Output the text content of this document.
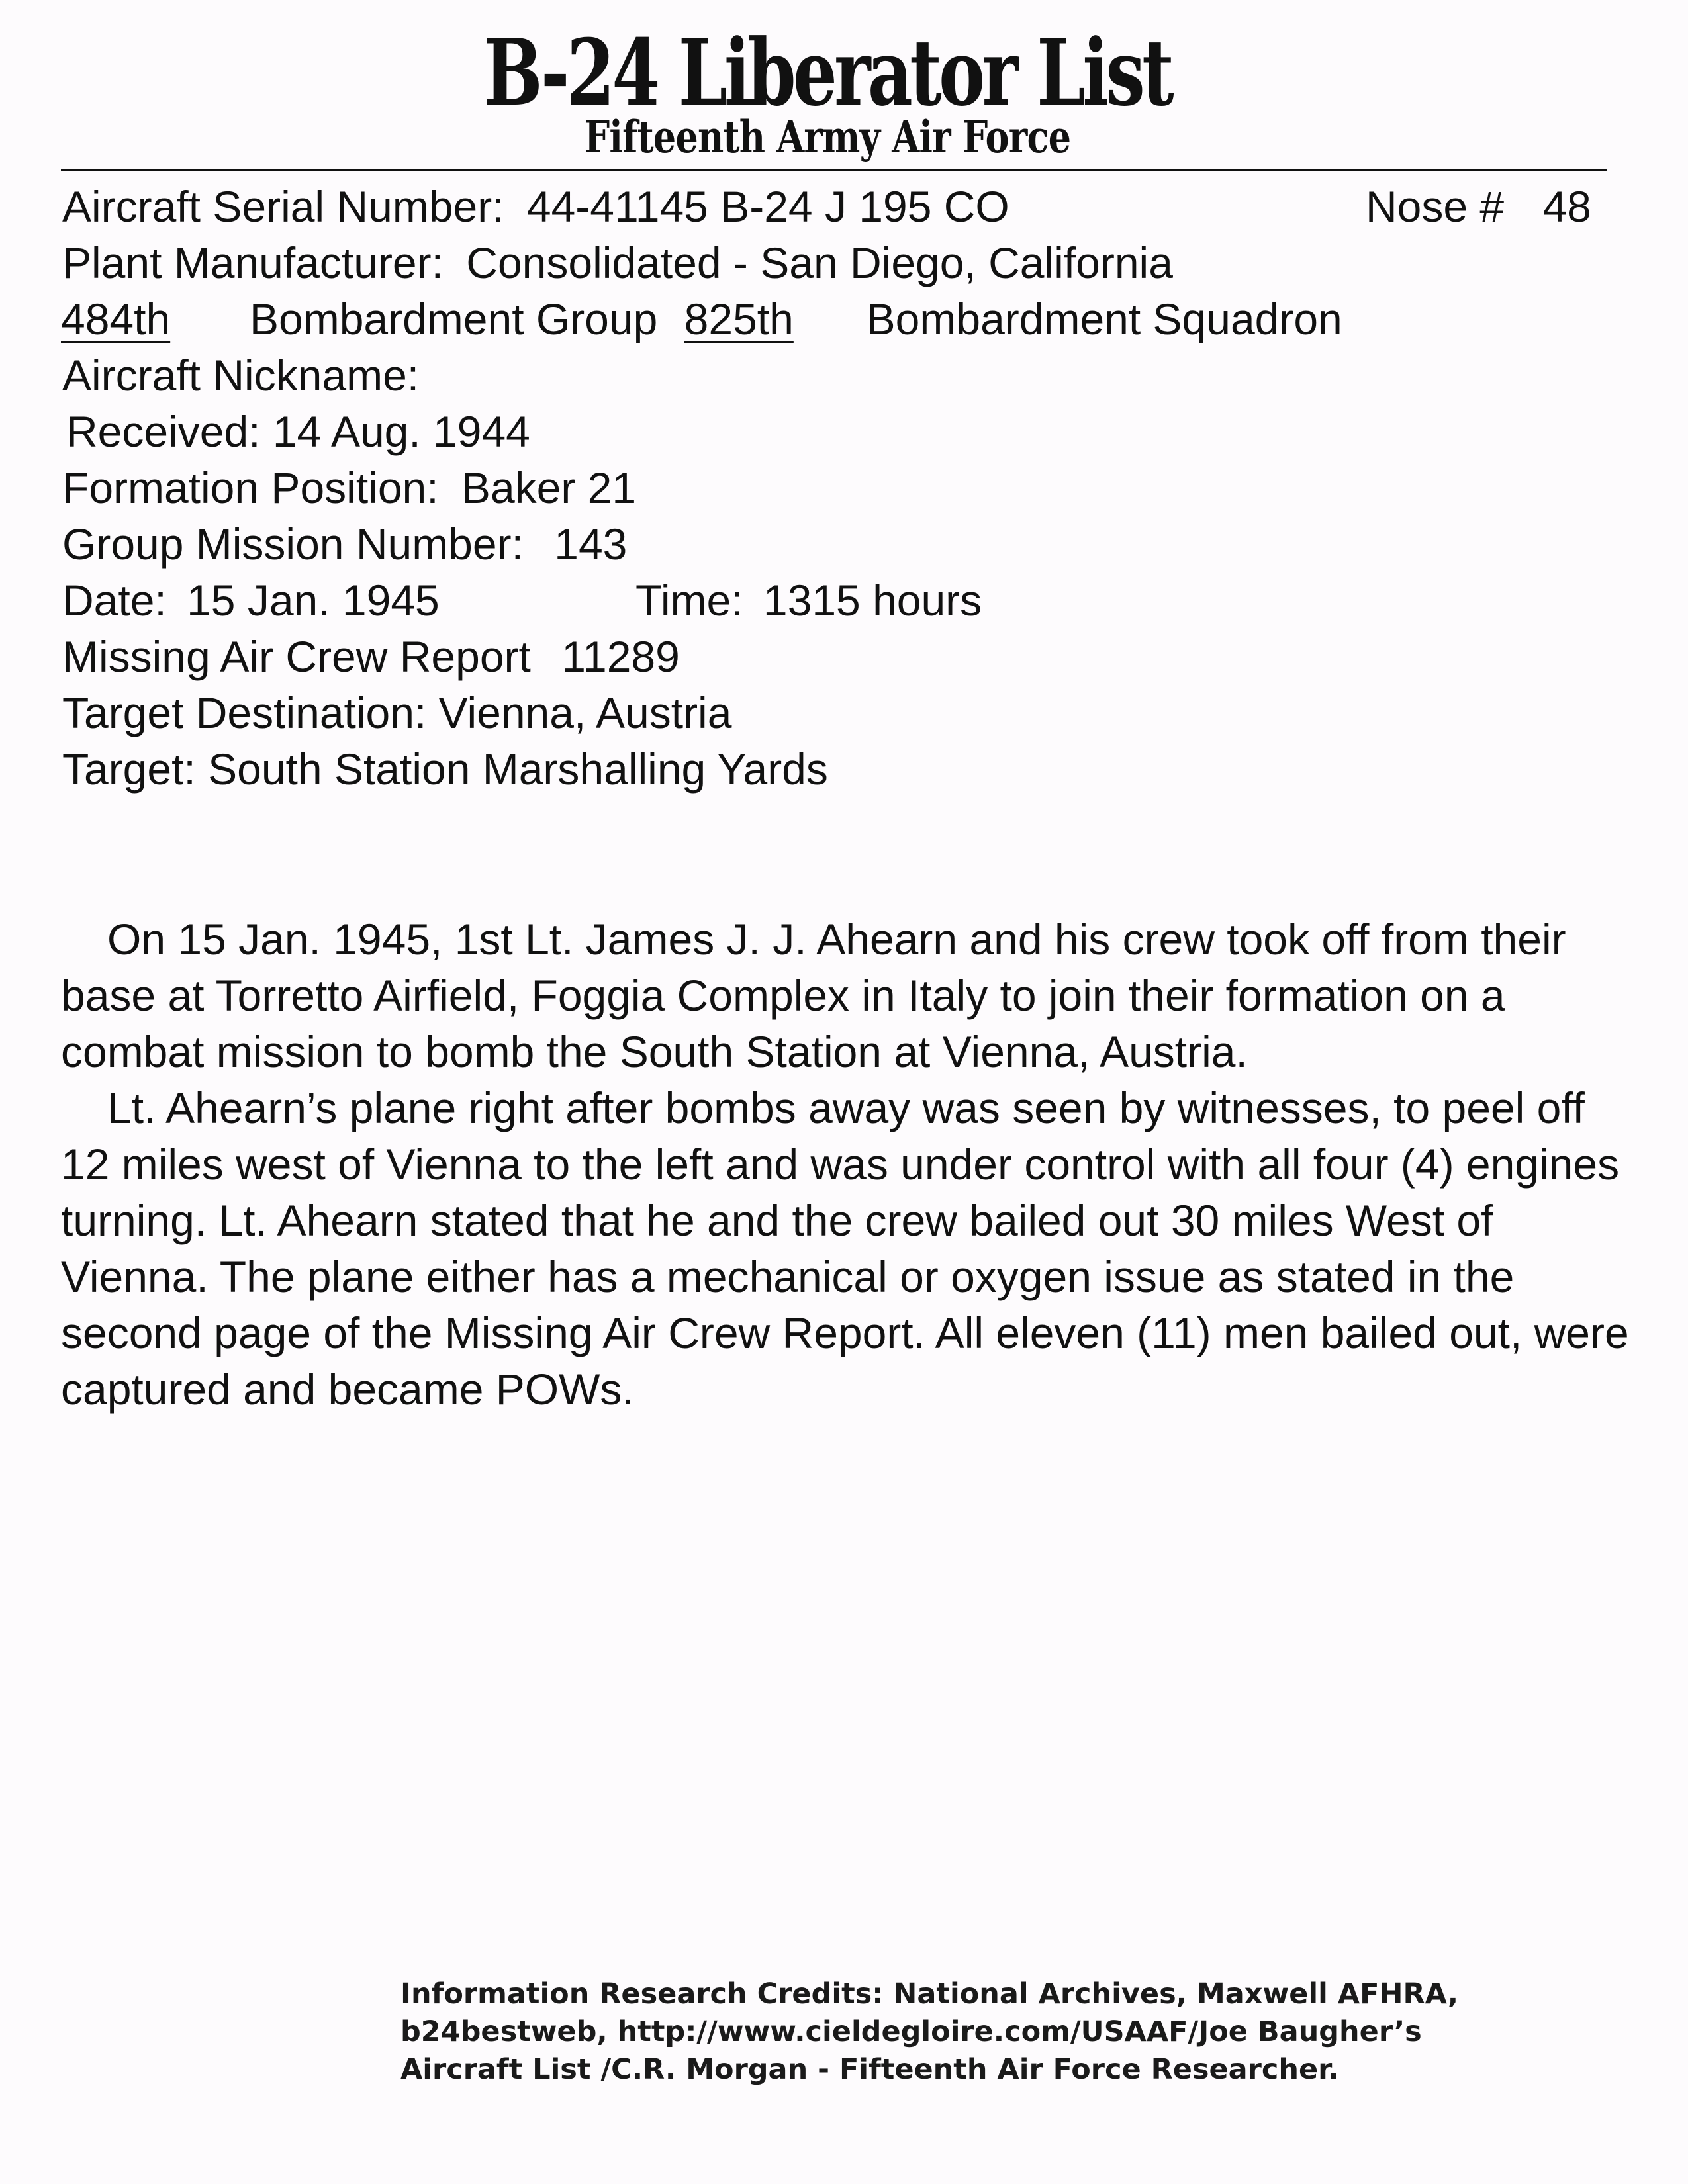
B-24 Liberator List
Fifteenth Army Air Force
Aircraft Serial Number: 44-41145 B-24 J 195 CO	Nose # 48
Plant Manufacturer: Consolidated - San Diego, California
484th Bombardment Group 825th Bombardment Squadron
Aircraft Nickname:
Received: 14 Aug. 1944
Formation Position: Baker 21
Group Mission Number: 143
Date: 15 Jan. 1945	Time: 1315 hours
Missing Air Crew Report 11289
Target Destination: Vienna, Austria
Target: South Station Marshalling Yards

On 15 Jan. 1945, 1st Lt. James J. J. Ahearn and his crew took off from their base at Torretto Airfield, Foggia Complex in Italy to join their formation on a combat mission to bomb the South Station at Vienna, Austria.

Lt. Ahearn’s plane right after bombs away was seen by witnesses, to peel off 12 miles west of Vienna to the left and was under control with all four (4) engines turning. Lt. Ahearn stated that he and the crew bailed out 30 miles West of Vienna. The plane either has a mechanical or oxygen issue as stated in the second page of the Missing Air Crew Report. All eleven (11) men bailed out, were captured and became POWs.

Information Research Credits: National Archives, Maxwell AFHRA,
b24bestweb, http://www.cieldegloire.com/USAAF/Joe Baugher’s
Aircraft List /C.R. Morgan - Fifteenth Air Force Researcher.
